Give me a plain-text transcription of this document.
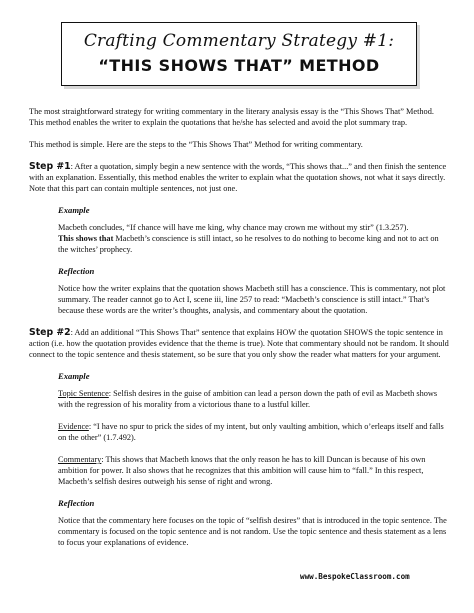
Crafting Commentary Strategy #1:
“THIS SHOWS THAT” METHOD

The most straightforward strategy for writing commentary in the literary analysis essay is the “This Shows That” Method. This method enables the writer to explain the quotations that he/she has selected and avoid the plot summary trap.

This method is simple. Here are the steps to the “This Shows That” Method for writing commentary.

Step #1: After a quotation, simply begin a new sentence with the words, “This shows that...” and then finish the sentence with an explanation. Essentially, this method enables the writer to explain what the quotation shows, not what it says directly. Note that this part can contain multiple sentences, not just one.

Example

Macbeth concludes, “If chance will have me king, why chance may crown me without my stir” (1.3.257).
This shows that Macbeth’s conscience is still intact, so he resolves to do nothing to become king and not to act on the witches’ prophecy.

Reflection

Notice how the writer explains that the quotation shows Macbeth still has a conscience. This is commentary, not plot summary. The reader cannot go to Act I, scene iii, line 257 to read: “Macbeth’s conscience is still intact.” That’s because these words are the writer’s thoughts, analysis, and commentary about the quotation.

Step #2: Add an additional “This Shows That” sentence that explains HOW the quotation SHOWS the topic sentence in action (i.e. how the quotation provides evidence that the theme is true). Note that commentary should not be random. It should connect to the topic sentence and thesis statement, so be sure that you only show the reader what matters for your argument.

Example

Topic Sentence: Selfish desires in the guise of ambition can lead a person down the path of evil as Macbeth shows with the regression of his morality from a victorious thane to a lustful killer.

Evidence: “I have no spur to prick the sides of my intent, but only vaulting ambition, which o’erleaps itself and falls on the other” (1.7.492).

Commentary: This shows that Macbeth knows that the only reason he has to kill Duncan is because of his own ambition for power. It also shows that he recognizes that this ambition will cause him to “fall.” In this respect, Macbeth’s selfish desires outweigh his sense of right and wrong.

Reflection

Notice that the commentary here focuses on the topic of “selfish desires” that is introduced in the topic sentence. The commentary is focused on the topic sentence and is not random. Use the topic sentence and thesis statement as a lens to focus your explanations of evidence.

www.BespokeClassroom.com
